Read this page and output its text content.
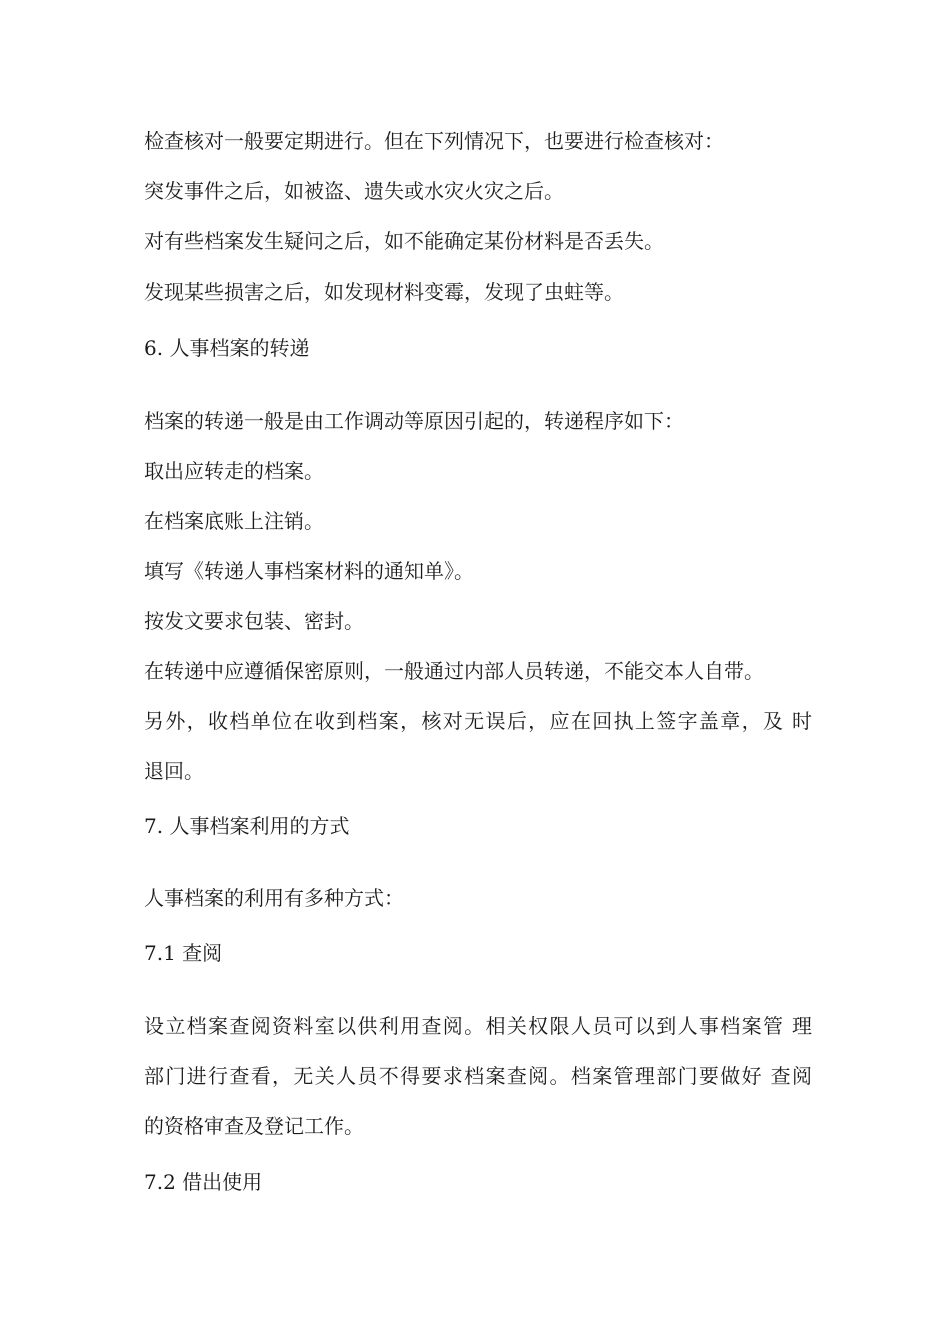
检查核对一般要定期进行。但在下列情况下，也要进行检查核对：
突发事件之后，如被盗、遗失或水灾火灾之后。
对有些档案发生疑问之后，如不能确定某份材料是否丢失。
发现某些损害之后，如发现材料变霉，发现了虫蛀等。
6. 人事档案的转递
档案的转递一般是由工作调动等原因引起的，转递程序如下：
取出应转走的档案。
在档案底账上注销。
填写《转递人事档案材料的通知单》。
按发文要求包装、密封。
在转递中应遵循保密原则，一般通过内部人员转递，不能交本人自带。
另外，收档单位在收到档案，核对无误后，应在回执上签字盖章，及 时
退回。
7. 人事档案利用的方式
人事档案的利用有多种方式：
7.1 查阅
设立档案查阅资料室以供利用查阅。相关权限人员可以到人事档案管 理
部门进行查看，无关人员不得要求档案查阅。档案管理部门要做好 查阅
的资格审查及登记工作。
7.2 借出使用
